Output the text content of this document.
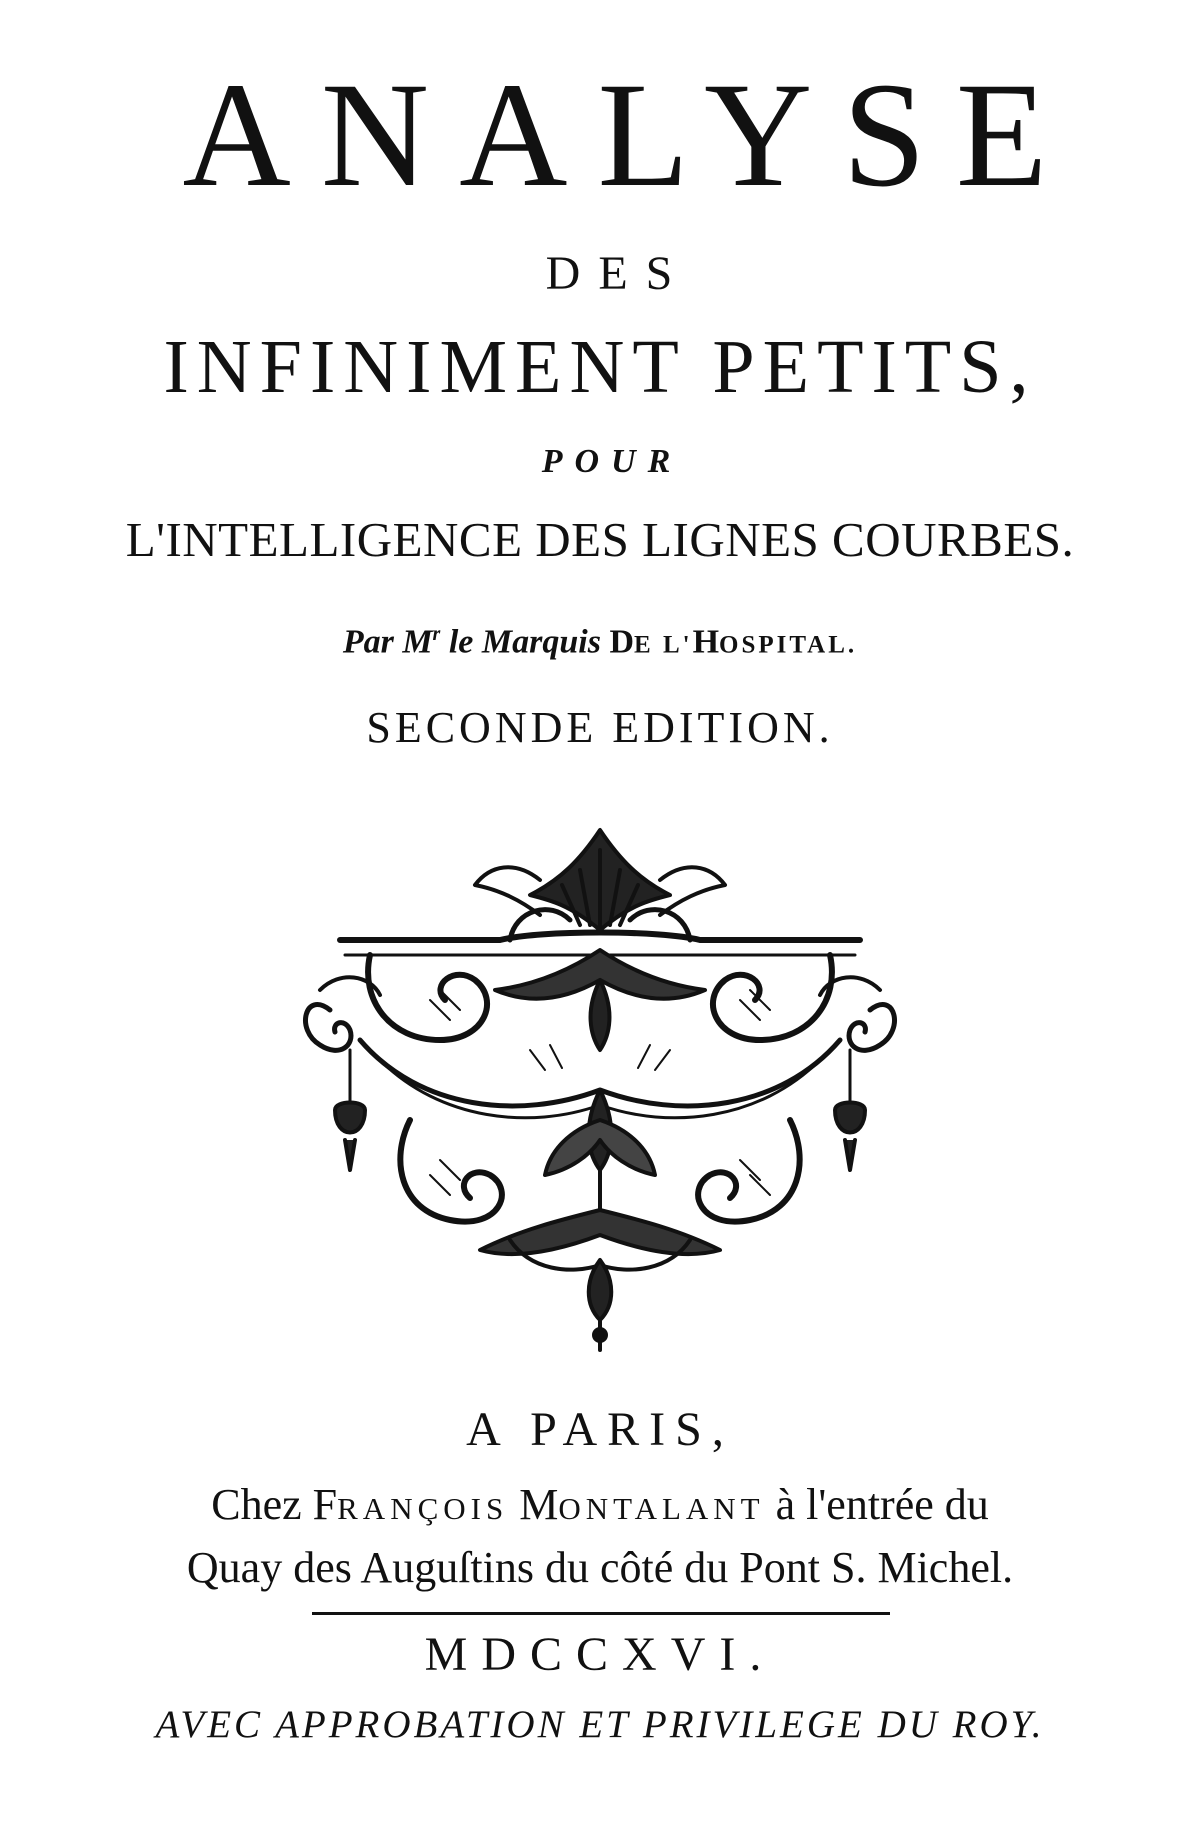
ANALYSE
DES
INFINIMENT PETITS,
POUR
L'INTELLIGENCE DES LIGNES COURBES.
Par $M^r$ le Marquis DE L'HOSPITAL.
SECONDE EDITION.
A PARIS,
Chez FRANÇOIS MONTALANT à l'entrée du
Quay des Auguſtins du côté du Pont S. Michel.
MDCCXVI.
AVEC APPROBATION ET PRIVILEGE DU ROY.
